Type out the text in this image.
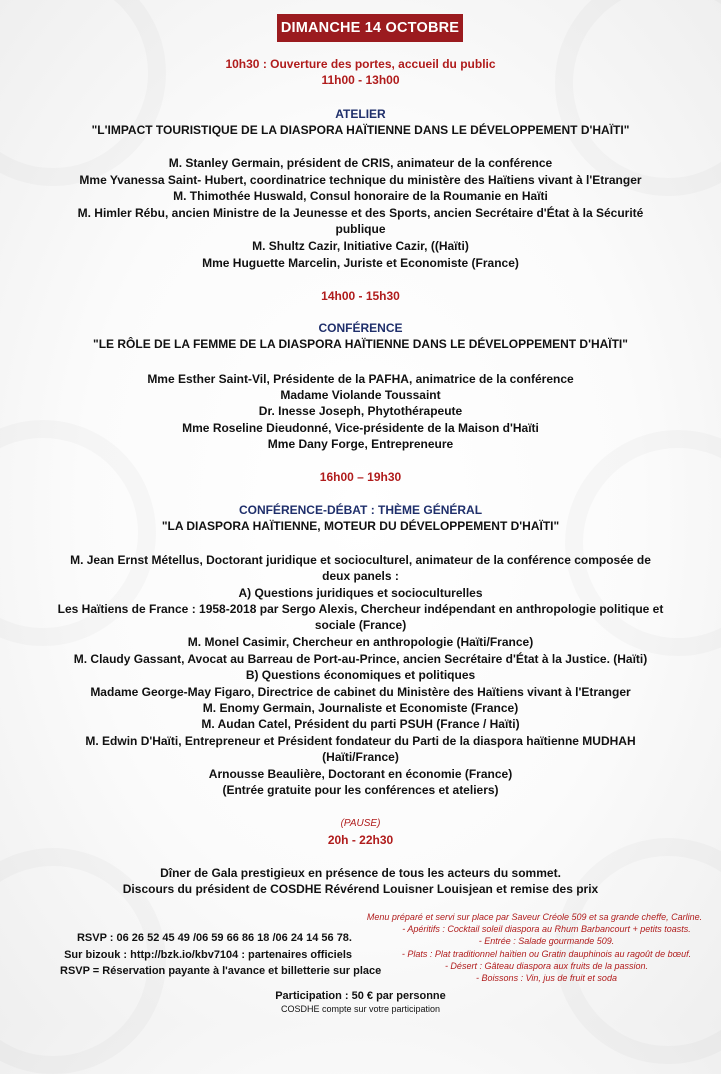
DIMANCHE 14 OCTOBRE
10h30 : Ouverture des portes, accueil du public
11h00 - 13h00
ATELIER
"L'IMPACT TOURISTIQUE DE LA DIASPORA HAÏTIENNE DANS LE DÉVELOPPEMENT D'HAÏTI"
M. Stanley Germain, président de CRIS, animateur de la conférence
Mme Yvanessa Saint- Hubert, coordinatrice technique du ministère des Haïtiens vivant à l'Etranger
M. Thimothée Huswald, Consul honoraire de la Roumanie en Haïti
M. Himler Rébu, ancien Ministre de la Jeunesse et des Sports, ancien Secrétaire d'État à la Sécurité
publique
M. Shultz Cazir, Initiative Cazir, ((Haïti)
Mme Huguette Marcelin, Juriste et Economiste (France)
14h00 - 15h30
CONFÉRENCE
"LE RÔLE DE LA FEMME DE LA DIASPORA HAÏTIENNE DANS LE DÉVELOPPEMENT D'HAÏTI"
Mme Esther Saint-Vil, Présidente de la PAFHA, animatrice de la conférence
Madame Violande Toussaint
Dr. Inesse Joseph, Phytothérapeute
Mme Roseline Dieudonné, Vice-présidente de la Maison d'Haïti
Mme Dany Forge, Entrepreneure
16h00 – 19h30
CONFÉRENCE-DÉBAT : THÈME GÉNÉRAL
"LA DIASPORA HAÏTIENNE, MOTEUR DU DÉVELOPPEMENT D'HAÏTI"
M. Jean Ernst Métellus, Doctorant juridique et socioculturel, animateur de la conférence composée de
deux panels :
A) Questions juridiques et socioculturelles
Les Haïtiens de France : 1958-2018 par Sergo Alexis, Chercheur indépendant en anthropologie politique et
sociale (France)
M. Monel Casimir, Chercheur en anthropologie (Haïti/France)
M. Claudy Gassant, Avocat au Barreau de Port-au-Prince, ancien Secrétaire d'État à la Justice. (Haïti)
B) Questions économiques et politiques
Madame George-May Figaro, Directrice de cabinet du Ministère des Haïtiens vivant à l'Etranger
M. Enomy Germain, Journaliste et Economiste (France)
M. Audan Catel, Président du parti PSUH (France / Haïti)
M. Edwin D'Haïti, Entrepreneur et Président fondateur du Parti de la diaspora haïtienne MUDHAH
(Haïti/France)
Arnousse Beaulière, Doctorant en économie (France)
(Entrée gratuite pour les conférences et ateliers)
(PAUSE)
20h - 22h30
Dîner de Gala prestigieux en présence de tous les acteurs du sommet.
Discours du président de COSDHE Révérend Louisner Louisjean et remise des prix
RSVP : 06 26 52 45 49 /06 59 66 86 18 /06 24 14 56 78.
Sur bizouk : http://bzk.io/kbv7104 : partenaires officiels
RSVP = Réservation payante à l'avance et billetterie sur place
Menu préparé et servi sur place par Saveur Créole 509 et sa grande cheffe, Carline.
- Apéritifs : Cocktail soleil diaspora au Rhum Barbancourt + petits toasts.
- Entrée : Salade gourmande 509.
- Plats : Plat traditionnel haïtien ou Gratin dauphinois au ragoût de bœuf.
- Désert : Gâteau diaspora aux fruits de la passion.
- Boissons : Vin, jus de fruit et soda
Participation : 50 € par personne
COSDHE compte sur votre participation
